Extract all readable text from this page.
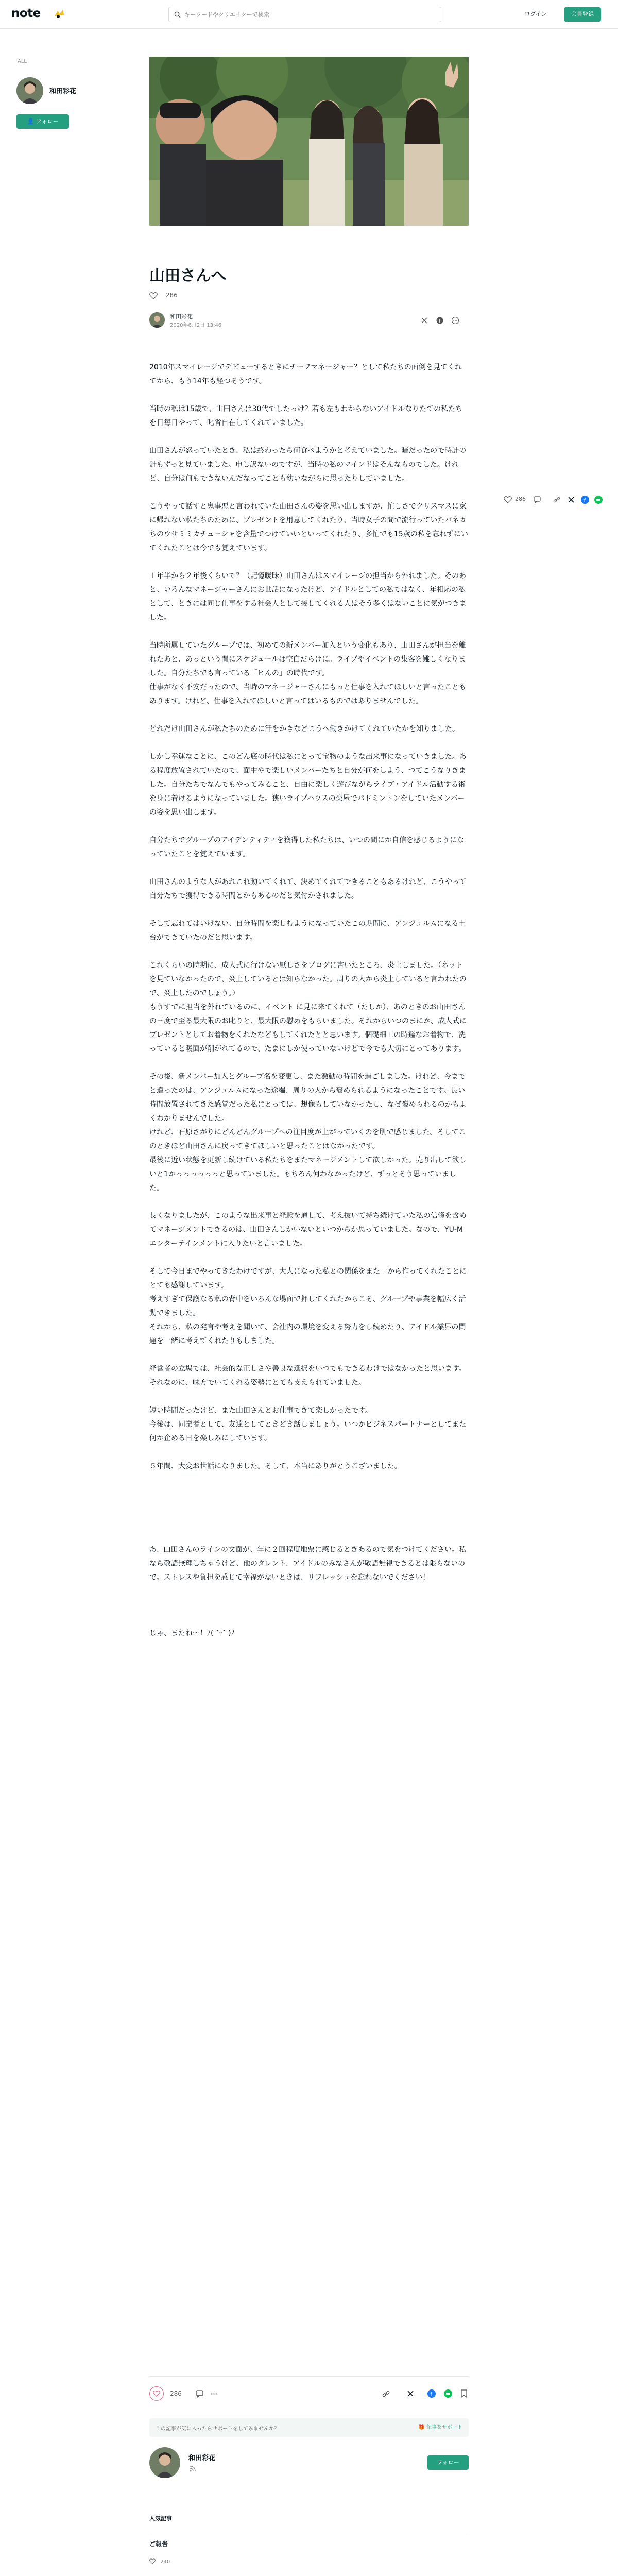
note
キーワードやクリエイターで検索	ログイン	会員登録
ALL
和田彩花
👤 フォロー
山田さんへ
286
和田彩花
2020年6月2日 13:46
f
286	f

2010年スマイレージでデビューするときにチーフマネージャー？として私たちの面倒を見てくれてから、もう14年も経つそうです。

当時の私は15歳で、山田さんは30代でしたっけ？若も左もわからないアイドルなりたての私たちを日毎日やって、叱省自在してくれていました。

山田さんが怒っていたとき、私は終わったら何食べようかと考えていました。暗だったので時計の針もずっと見ていました。申し訳ないのですが、当時の私のマインドはそんなものでした。けれど、自分は何もできないんだなってことも幼いながらに思ったりしていました。

こうやって話すと鬼事悪と言われていた山田さんの姿を思い出しますが、忙しさでクリスマスに家に帰れない私たちのために、プレゼントを用意してくれたり、当時女子の間で流行っていたパネカちのウサミミカチューシャを含量でつけていいといってくれたり、多忙でも15歳の私を忘れずにいてくれたことは今でも覚えています。

１年半から２年後くらいで？（記憶曖昧）山田さんはスマイレージの担当から外れました。そのあと、いろんなマネージャーさんにお世話になったけど、アイドルとしての私ではなく、年相応の私として、ときには同じ仕事をする社会人として接してくれる人はそう多くはないことに気がつきました。

当時所属していたグループでは、初めての新メンバー加入という変化もあり、山田さんが担当を離れたあと、あっという間にスケジュールは空白だらけに。ライブやイベントの集客を難しくなりました。自分たちでも言っている「ピんの」の時代です。

仕事がなく不安だったので、当時のマネージャーさんにもっと仕事を入れてほしいと言ったこともあります。けれど、仕事を入れてほしいと言ってはいるものではありませんでした。

どれだけ山田さんが私たちのために汗をかきなどこうへ働きかけてくれていたかを知りました。

しかし幸運なことに、このどん底の時代は私にとって宝物のような出来事になっていきました。ある程度放置されていたので、面中やで楽しいメンバーたちと自分が何をしよう、つてこうなりきました。自分たちでなんでもやってみること、自由に楽しく遊びながらライブ・アイドル活動する術を身に着けるようになっていました。狭いライブハウスの楽屋でパドミントンをしていたメンバーの姿を思い出します。

自分たちでグループのアイデンティティを獲得した私たちは、いつの間にか自信を感じるようになっていたことを覚えています。

山田さんのような人があれこれ動いてくれて、決めてくれてできることもあるけれど、こうやって自分たちで獲得できる時間とかもあるのだと気付かされました。

そして忘れてはいけない、自分時間を楽しむようになっていたこの期間に、アンジュルムになる土台ができていたのだと思います。

これくらいの時期に、成人式に行けない厭しさをブログに書いたところ、炎上しました。（ネットを見ていなかったので、炎上しているとは知らなかった。周りの人から炎上していると言われたので、炎上したのでしょう。）

もうすでに担当を外れているのに、イベント に見に来てくれて（たしか）、あのときのお山田さんの三度で至る最大限のお叱りと、最大限の慰めをもらいました。それからいつのまにか、成人式にプレゼントとしてお着物をくれたなどもしてくれたとと思います。個礎細工の時鑑なお着物で、洗っていると暖面が削がれてるので、たまにしか使っていないけどで今でも大切にとってあります。

その後、新メンバー加入とグループ名を変更し、また激動の時間を過ごしました。けれど、今までと違ったのは、アンジュルムになった途端、周りの人から褒められるようになったことです。長い時間放置されてきた感覚だった私にとっては、想像もしていなかったし、なぜ褒められるのかもよくわかりませんでした。

けれど、石原さがりにどんどんグループへの注目度が上がっていくのを肌で感じました。そしてこのときほど山田さんに戻ってきてほしいと思ったことはなかったです。

最後に近い状態を更新し続けている私たちをまたマネージメントして欲しかった。売り出して欲しいと1かっっっっっっと思っていました。もちろん何わなかったけど、ずっとそう思っていました。

長くなりましたが、このような出来事と経験を通して、考え抜いて持ち続けていた私の信條を含めてマネージメントできるのは、山田さんしかいないといつからか思っていました。なので、YU-Mエンターテインメントに入りたいと言いました。

そして今日までやってきたわけですが、大人になった私との関係をまた一から作ってくれたことにとても感謝しています。

考えすぎて保護なる私の背中をいろんな場面で押してくれたからこそ、グループや事業を幅広く活動できました。

それから、私の発言や考えを聞いて、会社内の環境を変える努力をし続めたり、アイドル業界の問題を一緒に考えてくれたりもしました。

経営者の立場では、社会的な正しさや善良な選択をいつでもできるわけではなかったと思います。それなのに、味方でいてくれる姿勢にとても支えられていました。

短い時間だったけど、また山田さんとお仕事できて楽しかったです。

今後は、同業者として、友達としてときどき話しましょう。いつかビジネスパートナーとしてまた何か企める日を楽しみにしています。

５年間、大変お世話になりました。そして、本当にありがとうございました。

あ、山田さんのラインの文面が、年に２回程度地票に感じるときあるので気をつけてください。私なら敬語無理しちゃうけど、他のタレント、アイドルのみなさんが敬語無視できるとは限らないので。ストレスや負担を感じて幸福がないときは、リフレッシュを忘れないでください！

じゃ、またね〜！ﾉ( ˘ᵕ˘ )ﾉ

286	f
この記事が気に入ったらサポートをしてみませんか？	🎁 記事をサポート
和田彩花
フォロー
人気記事
ご報告
240
